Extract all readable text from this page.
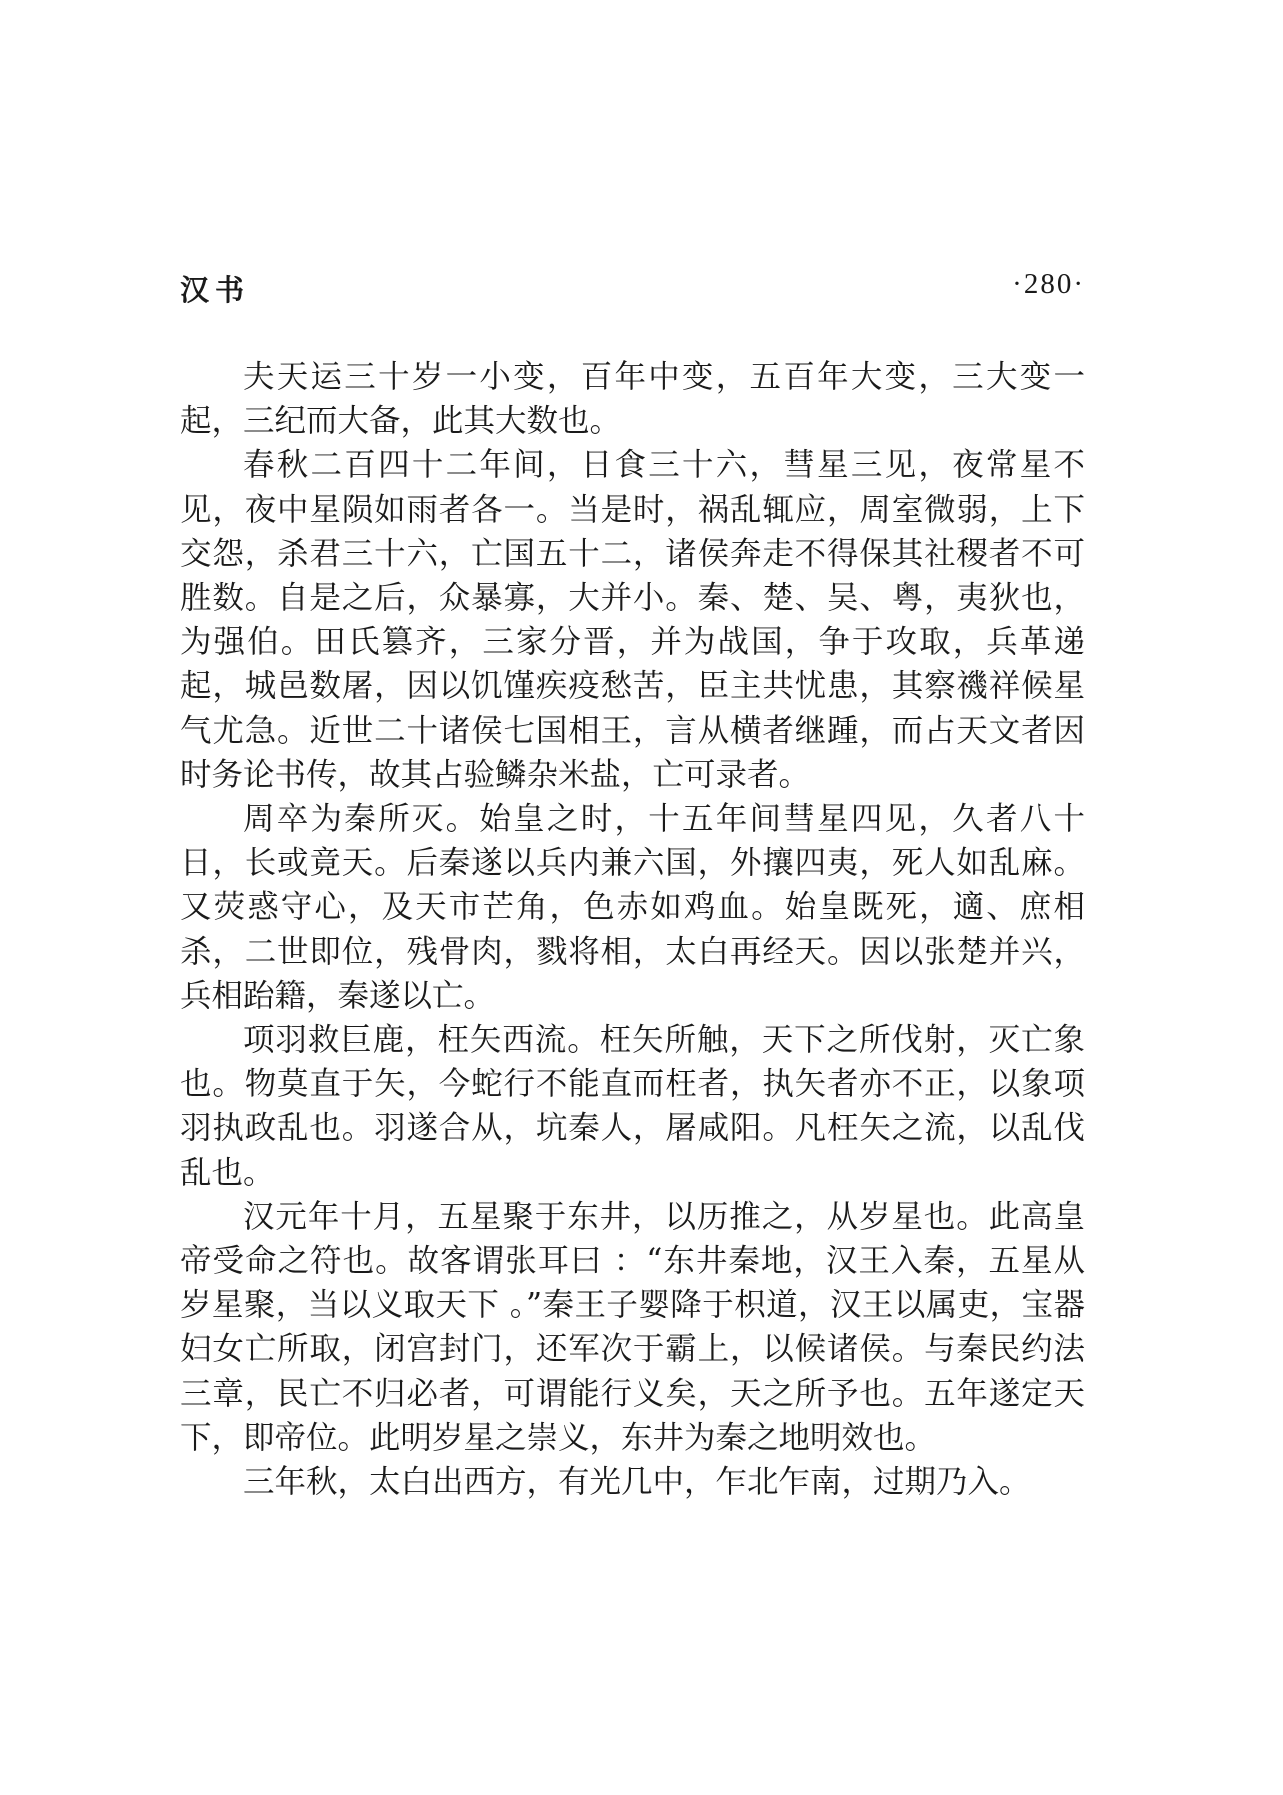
汉书	·280·

夫天运三十岁一小变，百年中变，五百年大变，三大变一起，三纪而大备，此其大数也。

春秋二百四十二年间，日食三十六，彗星三见，夜常星不见，夜中星陨如雨者各一。当是时，祸乱辄应，周室微弱，上下交怨，杀君三十六，亡国五十二，诸侯奔走不得保其社稷者不可胜数。自是之后，众暴寡，大并小。秦、楚、吴、粤，夷狄也，为强伯。田氏篡齐，三家分晋，并为战国，争于攻取，兵革递起，城邑数屠，因以饥馑疾疫愁苦，臣主共忧患，其察禨祥候星气尤急。近世二十诸侯七国相王，言从横者继踵，而占天文者因时务论书传，故其占验鳞杂米盐，亡可录者。

周卒为秦所灭。始皇之时，十五年间彗星四见，久者八十日，长或竟天。后秦遂以兵内兼六国，外攘四夷，死人如乱麻。又荧惑守心，及天市芒角，色赤如鸡血。始皇既死，適、庶相杀，二世即位，残骨肉，戮将相，太白再经天。因以张楚并兴，兵相跆籍，秦遂以亡。

项羽救巨鹿，枉矢西流。枉矢所触，天下之所伐射，灭亡象也。物莫直于矢，今蛇行不能直而枉者，执矢者亦不正，以象项羽执政乱也。羽遂合从，坑秦人，屠咸阳。凡枉矢之流，以乱伐乱也。

汉元年十月，五星聚于东井，以历推之，从岁星也。此高皇帝受命之符也。故客谓张耳曰 ：“东井秦地，汉王入秦，五星从岁星聚，当以义取天下 。”秦王子婴降于枳道，汉王以属吏，宝器妇女亡所取，闭宫封门，还军次于霸上，以候诸侯。与秦民约法三章，民亡不归必者，可谓能行义矣，天之所予也。五年遂定天下，即帝位。此明岁星之崇义，东井为秦之地明效也。

三年秋，太白出西方，有光几中，乍北乍南，过期乃入。
